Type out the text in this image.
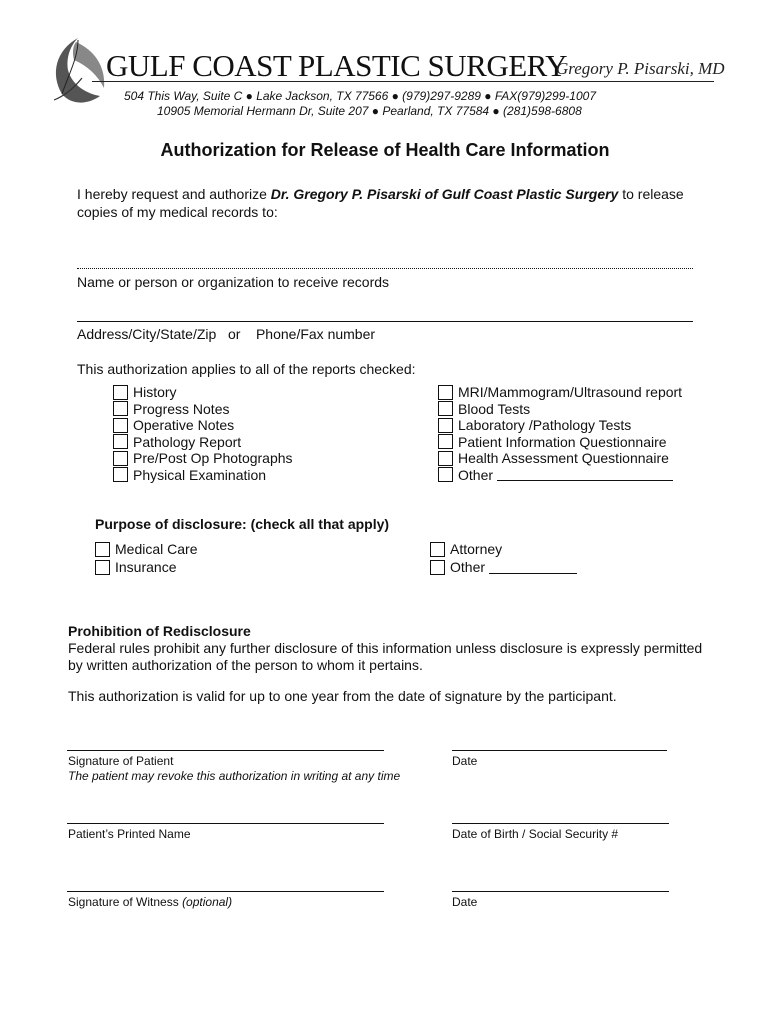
GULF COAST PLASTIC SURGERY
Gregory P. Pisarski, MD
504 This Way, Suite C ● Lake Jackson, TX 77566 ● (979)297-9289 ● FAX(979)299-1007
10905 Memorial Hermann Dr, Suite 207 ● Pearland, TX 77584 ● (281)598-6808
Authorization for Release of Health Care Information
I hereby request and authorize Dr. Gregory P. Pisarski of Gulf Coast Plastic Surgery to release
copies of my medical records to:
Name or person or organization to receive records
Address/City/State/Zip or Phone/Fax number
This authorization applies to all of the reports checked:
History
Progress Notes
Operative Notes
Pathology Report
Pre/Post Op Photographs
Physical Examination
MRI/Mammogram/Ultrasound report
Blood Tests
Laboratory /Pathology Tests
Patient Information Questionnaire
Health Assessment Questionnaire
Other
Purpose of disclosure: (check all that apply)
Medical Care
Insurance
Attorney
Other
Prohibition of Redisclosure
Federal rules prohibit any further disclosure of this information unless disclosure is expressly permitted
by written authorization of the person to whom it pertains.
This authorization is valid for up to one year from the date of signature by the participant.
Signature of Patient
The patient may revoke this authorization in writing at any time
Date
Patient’s Printed Name	Date of Birth / Social Security #
Signature of Witness (optional)	Date
